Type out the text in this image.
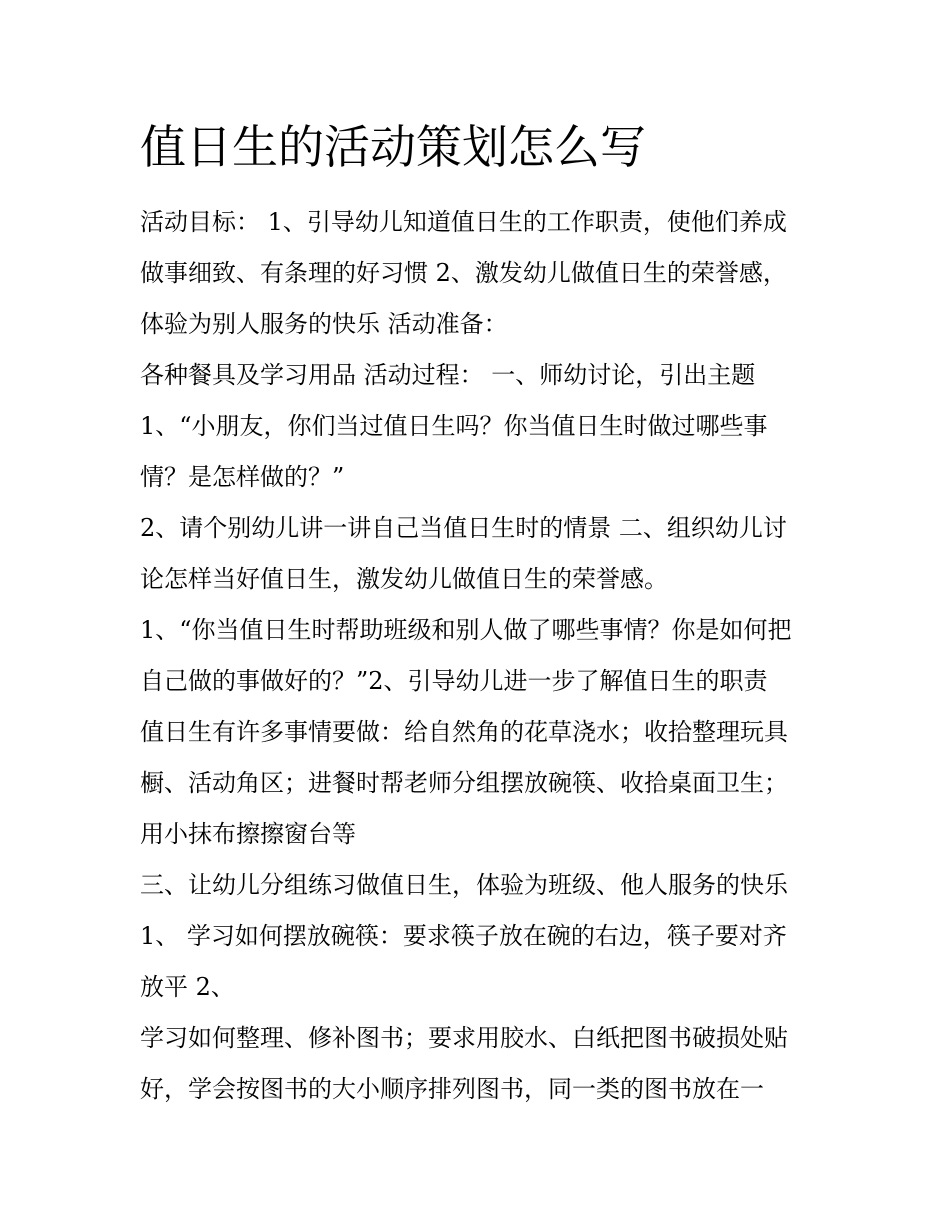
值日生的活动策划怎么写

活动目标： 1、引导幼儿知道值日生的工作职责，使他们养成

做事细致、有条理的好习惯 2、激发幼儿做值日生的荣誉感，

体验为别人服务的快乐 活动准备：

各种餐具及学习用品 活动过程： 一、师幼讨论，引出主题

1、“小朋友，你们当过值日生吗？你当值日生时做过哪些事

情？是怎样做的？”

2、请个别幼儿讲一讲自己当值日生时的情景 二、组织幼儿讨

论怎样当好值日生，激发幼儿做值日生的荣誉感。

1、“你当值日生时帮助班级和别人做了哪些事情？你是如何把

自己做的事做好的？”2、引导幼儿进一步了解值日生的职责

值日生有许多事情要做：给自然角的花草浇水；收拾整理玩具

橱、活动角区；进餐时帮老师分组摆放碗筷、收拾桌面卫生；

用小抹布擦擦窗台等

三、让幼儿分组练习做值日生，体验为班级、他人服务的快乐

1、 学习如何摆放碗筷：要求筷子放在碗的右边，筷子要对齐

放平 2、

学习如何整理、修补图书；要求用胶水、白纸把图书破损处贴

好，学会按图书的大小顺序排列图书，同一类的图书放在一
